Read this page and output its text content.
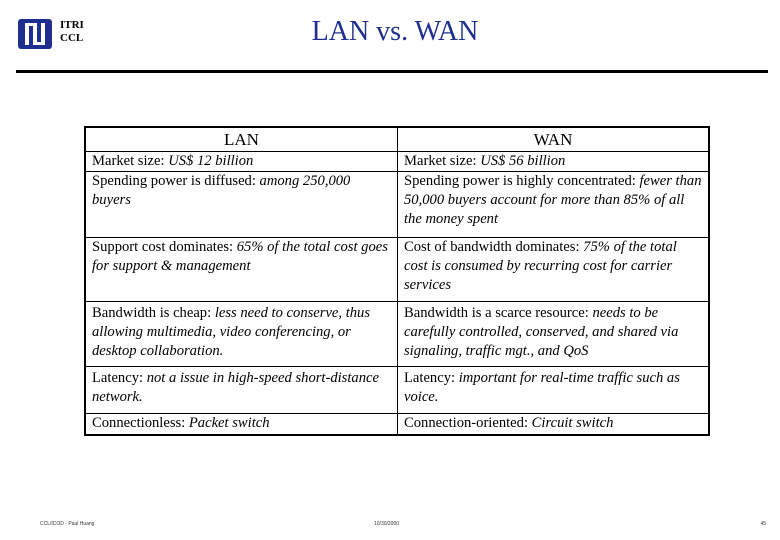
ITRI
CCL	LAN vs. WAN
LAN	WAN
Market size: US$ 12 billion	Market size: US$ 56 billion
Spending power is diffused: among 250,000 buyers	Spending power is highly concentrated: fewer than 50,000 buyers account for more than 85% of all the money spent
Support cost dominates: 65% of the total cost goes for support & management	Cost of bandwidth dominates: 75% of the total cost is consumed by recurring cost for carrier services
Bandwidth is cheap: less need to conserve, thus allowing multimedia, video conferencing, or desktop collaboration.	Bandwidth is a scarce resource: needs to be carefully controlled, conserved, and shared via signaling, traffic mgt., and QoS
Latency: not a issue in high-speed short-distance network.	Latency: important for real-time traffic such as voice.
Connectionless: Packet switch	Connection-oriented: Circuit switch
CCL/ICOD · Paul Huang	10/30/2000	45
